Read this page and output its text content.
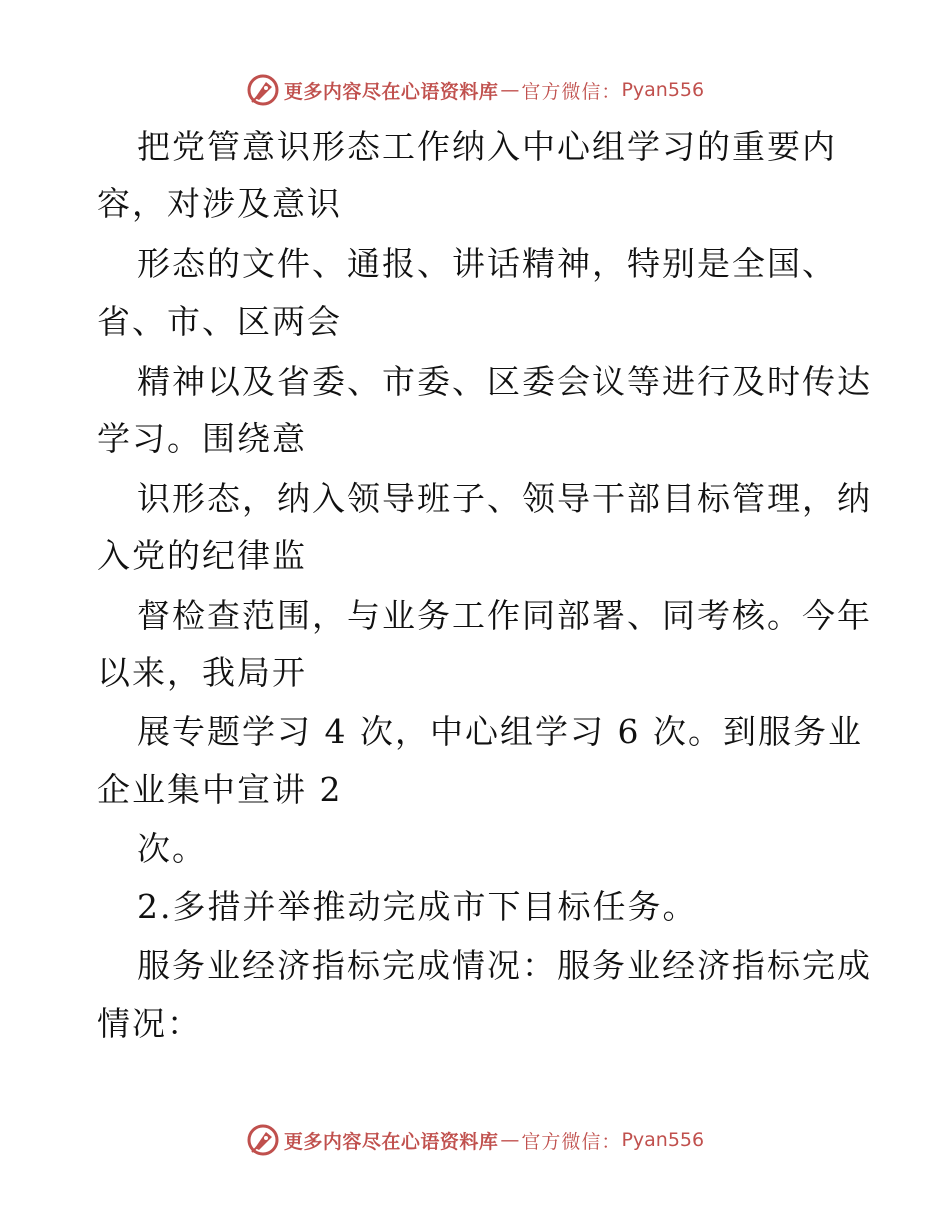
更多内容尽在心语资料库 — 官方微信： Pyan556
把党管意识形态工作纳入中心组学习的重要内
容，对涉及意识
形态的文件、通报、讲话精神，特别是全国、
省、市、区两会
精神以及省委、市委、区委会议等进行及时传达
学习。围绕意
识形态，纳入领导班子、领导干部目标管理，纳
入党的纪律监
督检查范围，与业务工作同部署、同考核。今年
以来，我局开
展专题学习 4 次，中心组学习 6 次。到服务业
企业集中宣讲 2
次。
2.多措并举推动完成市下目标任务。
服务业经济指标完成情况：服务业经济指标完成
情况：
更多内容尽在心语资料库 — 官方微信： Pyan556
